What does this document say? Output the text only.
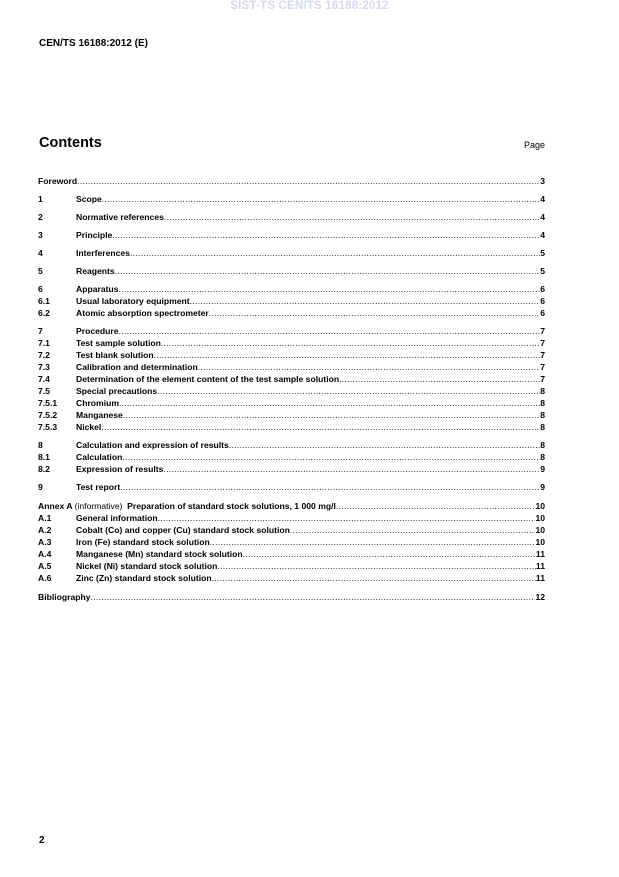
SIST-TS CEN/TS 16188:2012
CEN/TS 16188:2012 (E)
Contents	Page
Foreword .....	3
1	Scope .....	4
2	Normative references .....	4
3	Principle .....	4
4	Interferences .....	5
5	Reagents .....	5
6	Apparatus .....	6
6.1	Usual laboratory equipment .....	6
6.2	Atomic absorption spectrometer .....	6
7	Procedure .....	7
7.1	Test sample solution .....	7
7.2	Test blank solution .....	7
7.3	Calibration and determination .....	7
7.4	Determination of the element content of the test sample solution .....	7
7.5	Special precautions .....	8
7.5.1 Chromium .....	8
7.5.2 Manganese .....	8
7.5.3 Nickel .....	8
8	Calculation and expression of results .....	8
8.1	Calculation .....	8
8.2	Expression of results .....	9
9	Test report .....	9
Annex A (informative) Preparation of standard stock solutions, 1 000 mg/l .....	10
A.1	General information .....	10
A.2	Cobalt (Co) and copper (Cu) standard stock solution .....	10
A.3	Iron (Fe) standard stock solution .....	10
A.4	Manganese (Mn) standard stock solution .....	11
A.5	Nickel (Ni) standard stock solution .....	11
A.6	Zinc (Zn) standard stock solution .....	11
Bibliography .....	12
2
